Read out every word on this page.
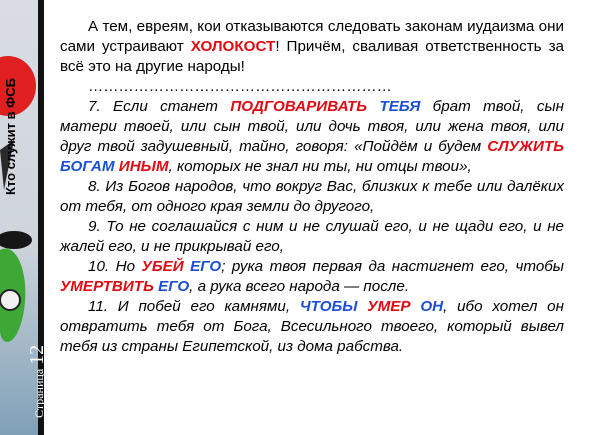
Кто служит в ФСБ
Страница12

А тем, евреям, кои отказываются следовать законам иудаизма они сами устраивают ХОЛОКОСТ! Причём, сваливая ответственность за всё это на другие народы!

……………………………………………………

7. Если станет ПОДГОВАРИВАТЬ ТЕБЯ брат твой, сын матери твоей, или сын твой, или дочь твоя, или жена твоя, или друг твой задушевный, тайно, говоря: «Пойдём и будем СЛУЖИТЬ БОГАМ ИНЫМ, которых не знал ни ты, ни отцы твои»,

8. Из Богов народов, что вокруг Вас, близких к тебе или далёких от тебя, от одного края земли до другого,

9. То не соглашайся с ним и не слушай его, и не щади его, и не жалей его, и не прикрывай его,

10. Но УБЕЙ ЕГО; рука твоя первая да настигнет его, чтобы УМЕРТВИТЬ ЕГО, а рука всего народа — после.

11. И побей его камнями, ЧТОБЫ УМЕР ОН, ибо хотел он отвратить тебя от Бога, Всесильного твоего, который вывел тебя из страны Египетской, из дома рабства.
